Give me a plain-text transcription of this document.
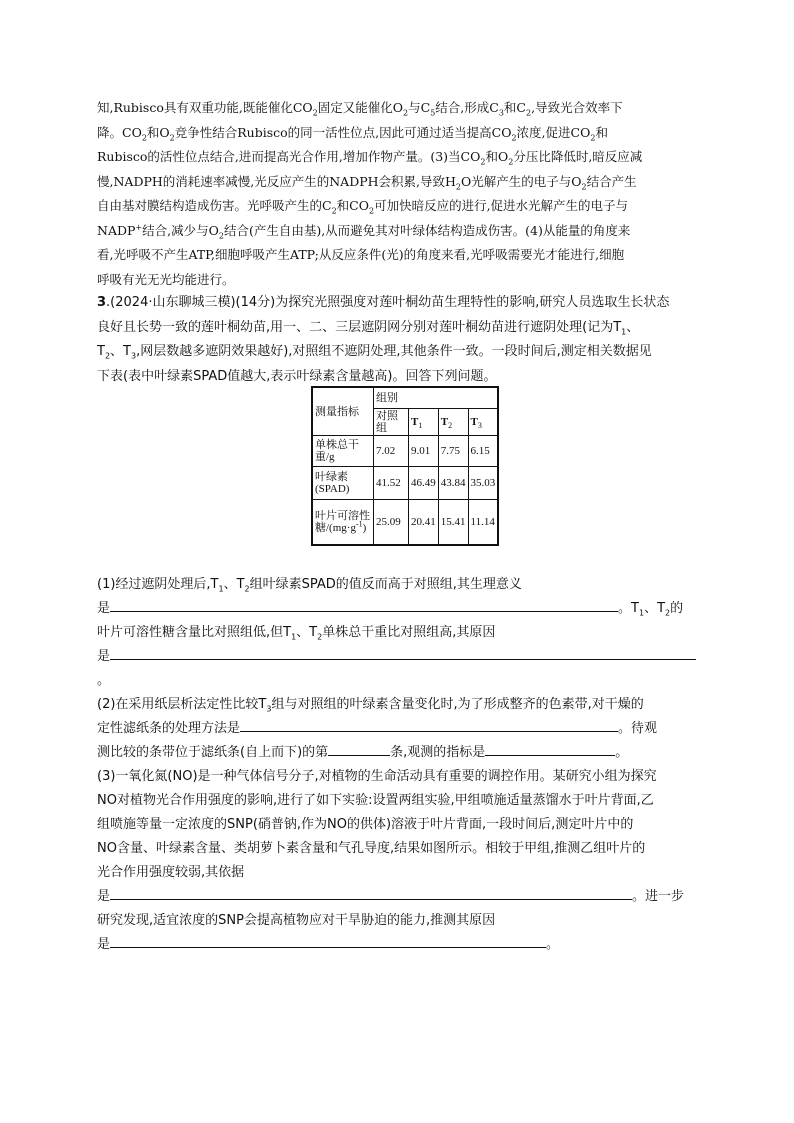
知,Rubisco具有双重功能,既能催化$CO_2$固定又能催化$O_2$与$C_5$结合,形成$C_3$和$C_2$,导致光合效率下

降。$CO_2$和$O_2$竞争性结合Rubisco的同一活性位点,因此可通过适当提高$CO_2$浓度,促进$CO_2$和

Rubisco的活性位点结合,进而提高光合作用,增加作物产量。(3)当$CO_2$和$O_2$分压比降低时,暗反应减

慢,NADPH的消耗速率减慢,光反应产生的NADPH会积累,导致$H_2O$光解产生的电子与$O_2$结合产生

自由基对膜结构造成伤害。光呼吸产生的$C_2$和$CO_2$可加快暗反应的进行,促进水光解产生的电子与

NADP+结合,减少与$O_2$结合(产生自由基),从而避免其对叶绿体结构造成伤害。(4)从能量的角度来

看,光呼吸不产生ATP,细胞呼吸产生ATP;从反应条件(光)的角度来看,光呼吸需要光才能进行,细胞

呼吸有光无光均能进行。

3.(2024·山东聊城三模)(14分)为探究光照强度对莲叶桐幼苗生理特性的影响,研究人员选取生长状态

良好且长势一致的莲叶桐幼苗,用一、二、三层遮阴网分别对莲叶桐幼苗进行遮阴处理(记为$T_1$、

$T_2$、$T_3$,网层数越多遮阴效果越好),对照组不遮阴处理,其他条件一致。一段时间后,测定相关数据见

下表(表中叶绿素SPAD值越大,表示叶绿素含量越高)。回答下列问题。

测量指标	组别			
	对照组	$T_1$	$T_2$	$T_3$
单株总干重/g	7.02	9.01	7.75	6.15
叶绿素(SPAD)	41.52	46.49	43.84	35.03
叶片可溶性糖$/(mg\cdot g^{-1})$	25.09	20.41	15.41	11.14

(1)经过遮阴处理后$,T_1$、$T_2$组叶绿素SPAD的值反而高于对照组,其生理意义

是	。$T_1$、$T_2$的

叶片可溶性糖含量比对照组低,但$T_1$、$T_2$单株总干重比对照组高,其原因

是

。

(2)在采用纸层析法定性比较$T_3$组与对照组的叶绿素含量变化时,为了形成整齐的色素带,对干燥的

定性滤纸条的处理方法是	。待观

测比较的条带位于滤纸条(自上而下)的第	条,观测的指标是	。

(3)一氧化氮(NO)是一种气体信号分子,对植物的生命活动具有重要的调控作用。某研究小组为探究

NO对植物光合作用强度的影响,进行了如下实验:设置两组实验,甲组喷施适量蒸馏水于叶片背面,乙

组喷施等量一定浓度的SNP(硝普钠,作为NO的供体)溶液于叶片背面,一段时间后,测定叶片中的

NO含量、叶绿素含量、类胡萝卜素含量和气孔导度,结果如图所示。相较于甲组,推测乙组叶片的

光合作用强度较弱,其依据

是	。进一步

研究发现,适宜浓度的SNP会提高植物应对干旱胁迫的能力,推测其原因

是	。
